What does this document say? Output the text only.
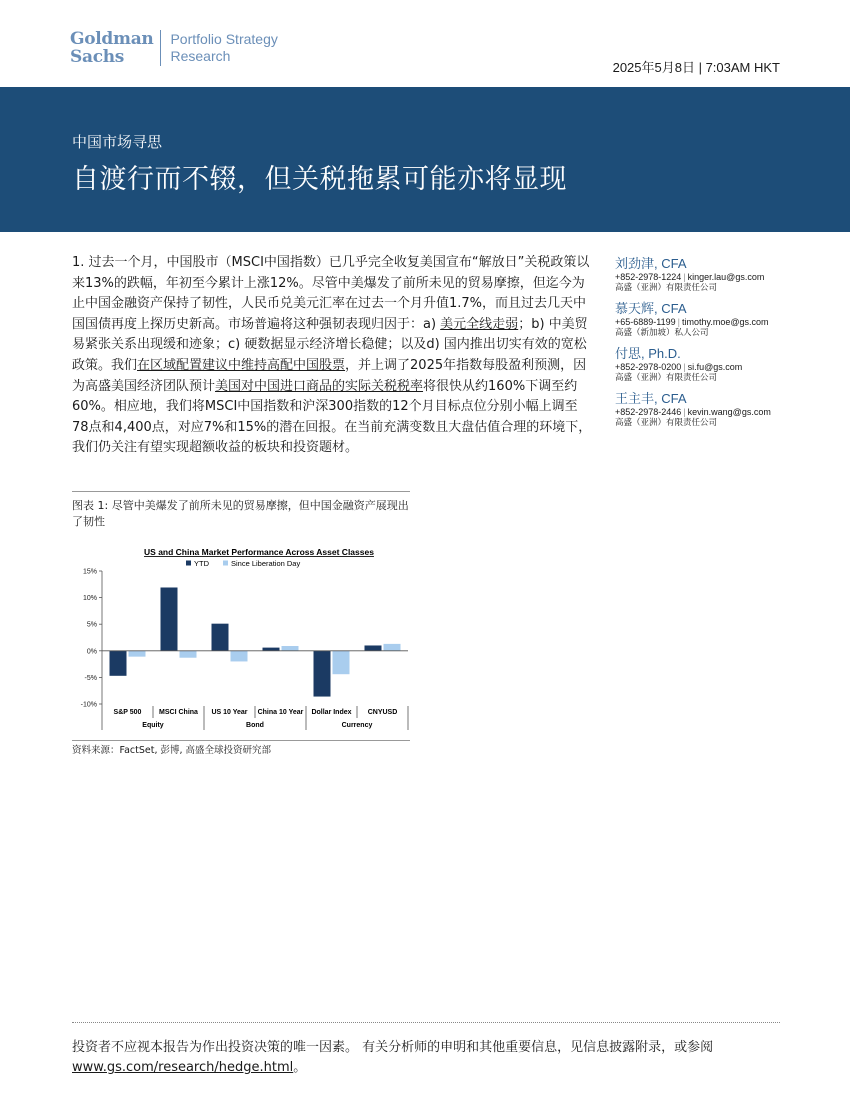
Goldman
Sachs
Portfolio Strategy
Research
2025年5月8日 | 7:03AM HKT
中国市场寻思
自渡行而不辍，但关税拖累可能亦将显现
1. 过去一个月，中国股市（MSCI中国指数）已几乎完全收复美国宣布“解放日”关税政策以来13%的跌幅，年初至今累计上涨12%。尽管中美爆发了前所未见的贸易摩擦，但迄今为止中国金融资产保持了韧性，人民币兑美元汇率在过去一个月升值1.7%，而且过去几天中国国债再度上探历史新高。市场普遍将这种强韧表现归因于：a) 美元全线走弱；b) 中美贸易紧张关系出现缓和迹象；c) 硬数据显示经济增长稳健；以及d) 国内推出切实有效的宽松政策。我们在区域配置建议中维持高配中国股票，并上调了2025年指数每股盈利预测，因为高盛美国经济团队预计美国对中国进口商品的实际关税税率将很快从约160%下调至约60%。相应地，我们将MSCI中国指数和沪深300指数的12个月目标点位分别小幅上调至78点和4,400点，对应7%和15%的潜在回报。在当前充满变数且大盘估值合理的环境下，我们仍关注有望实现超额收益的板块和投资题材。
刘劲津, CFA
+852-2978-1224 | kinger.lau@gs.com
高盛（亚洲）有限责任公司
慕天辉, CFA
+65-6889-1199 | timothy.moe@gs.com
高盛（新加坡）私人公司
付思, Ph.D.
+852-2978-0200 | si.fu@gs.com
高盛（亚洲）有限责任公司
王主丰, CFA
+852-2978-2446 | kevin.wang@gs.com
高盛（亚洲）有限责任公司
图表 1: 尽管中美爆发了前所未见的贸易摩擦，但中国金融资产展现出了韧性
US and China Market Performance Across Asset Classes
YTD	Since Liberation Day
15%
10%
5%
0%
-5%
-10%
S&P 500	MSCI China US 10 Year China 10 Year Dollar Index CNYUSD
Equity	Bond	Currency
资料来源：FactSet, 彭博, 高盛全球投资研究部
投资者不应视本报告为作出投资决策的唯一因素。 有关分析师的申明和其他重要信息，见信息披露附录，或参阅
www.gs.com/research/hedge.html。
